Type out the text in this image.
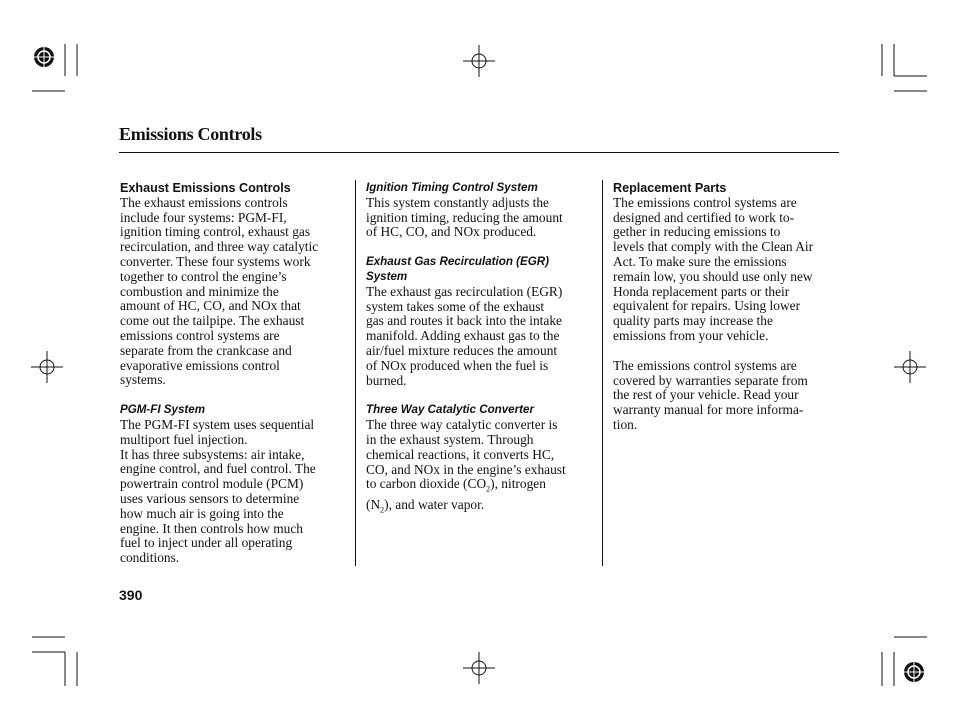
Emissions Controls
Exhaust Emissions Controls

The exhaust emissions controls
include four systems: PGM-FI,
ignition timing control, exhaust gas
recirculation, and three way catalytic
converter. These four systems work
together to control the engine’s
combustion and minimize the
amount of HC, CO, and NOx that
come out the tailpipe. The exhaust
emissions control systems are
separate from the crankcase and
evaporative emissions control
systems.

PGM-FI System

The PGM-FI system uses sequential
multiport fuel injection.
It has three subsystems: air intake,
engine control, and fuel control. The
powertrain control module (PCM)
uses various sensors to determine
how much air is going into the
engine. It then controls how much
fuel to inject under all operating
conditions.

Ignition Timing Control System

This system constantly adjusts the
ignition timing, reducing the amount
of HC, CO, and NOx produced.

Exhaust Gas Recirculation (EGR)
System

The exhaust gas recirculation (EGR)
system takes some of the exhaust
gas and routes it back into the intake
manifold. Adding exhaust gas to the
air/fuel mixture reduces the amount
of NOx produced when the fuel is
burned.

Three Way Catalytic Converter

The three way catalytic converter is
in the exhaust system. Through
chemical reactions, it converts HC,
CO, and NOx in the engine’s exhaust
to carbon dioxide $(CO_2)$, nitrogen
$(N_2)$, and water vapor.

Replacement Parts

The emissions control systems are
designed and certified to work to-
gether in reducing emissions to
levels that comply with the Clean Air
Act. To make sure the emissions
remain low, you should use only new
Honda replacement parts or their
equivalent for repairs. Using lower
quality parts may increase the
emissions from your vehicle.

The emissions control systems are
covered by warranties separate from
the rest of your vehicle. Read your
warranty manual for more informa-
tion.

390
